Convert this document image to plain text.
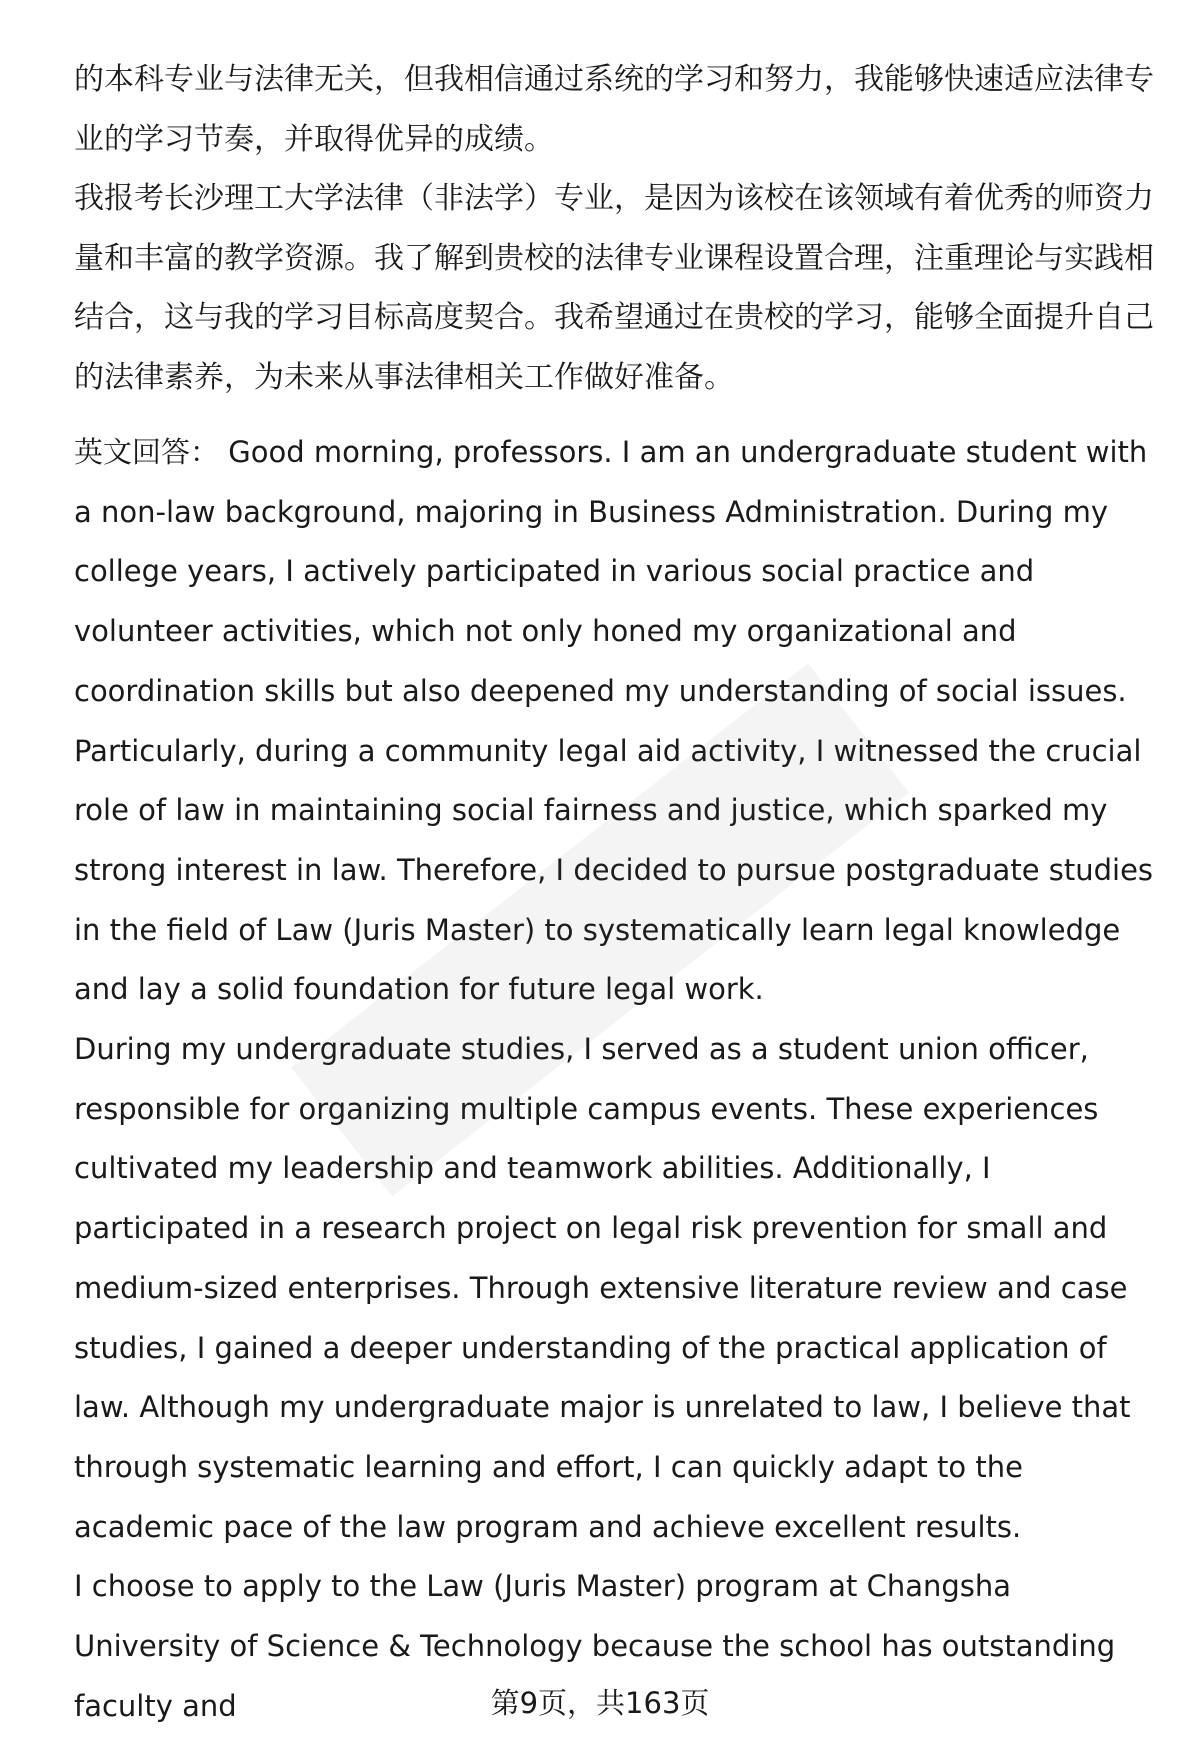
的本科专业与法律无关，但我相信通过系统的学习和努力，我能够快速适应法律专业的学习节奏，并取得优异的成绩。

我报考长沙理工大学法律（非法学）专业，是因为该校在该领域有着优秀的师资力量和丰富的教学资源。我了解到贵校的法律专业课程设置合理，注重理论与实践相结合，这与我的学习目标高度契合。我希望通过在贵校的学习，能够全面提升自己的法律素养，为未来从事法律相关工作做好准备。

英文回答： Good morning, professors. I am an undergraduate student with a non-law background, majoring in Business Administration. During my college years, I actively participated in various social practice and volunteer activities, which not only honed my organizational and coordination skills but also deepened my understanding of social issues. Particularly, during a community legal aid activity, I witnessed the crucial role of law in maintaining social fairness and justice, which sparked my strong interest in law. Therefore, I decided to pursue postgraduate studies in the field of Law (Juris Master) to systematically learn legal knowledge and lay a solid foundation for future legal work.

During my undergraduate studies, I served as a student union officer, responsible for organizing multiple campus events. These experiences cultivated my leadership and teamwork abilities. Additionally, I participated in a research project on legal risk prevention for small and medium-sized enterprises. Through extensive literature review and case studies, I gained a deeper understanding of the practical application of law. Although my undergraduate major is unrelated to law, I believe that through systematic learning and effort, I can quickly adapt to the academic pace of the law program and achieve excellent results.

I choose to apply to the Law (Juris Master) program at Changsha University of Science & Technology because the school has outstanding faculty and	第9页，共163页
